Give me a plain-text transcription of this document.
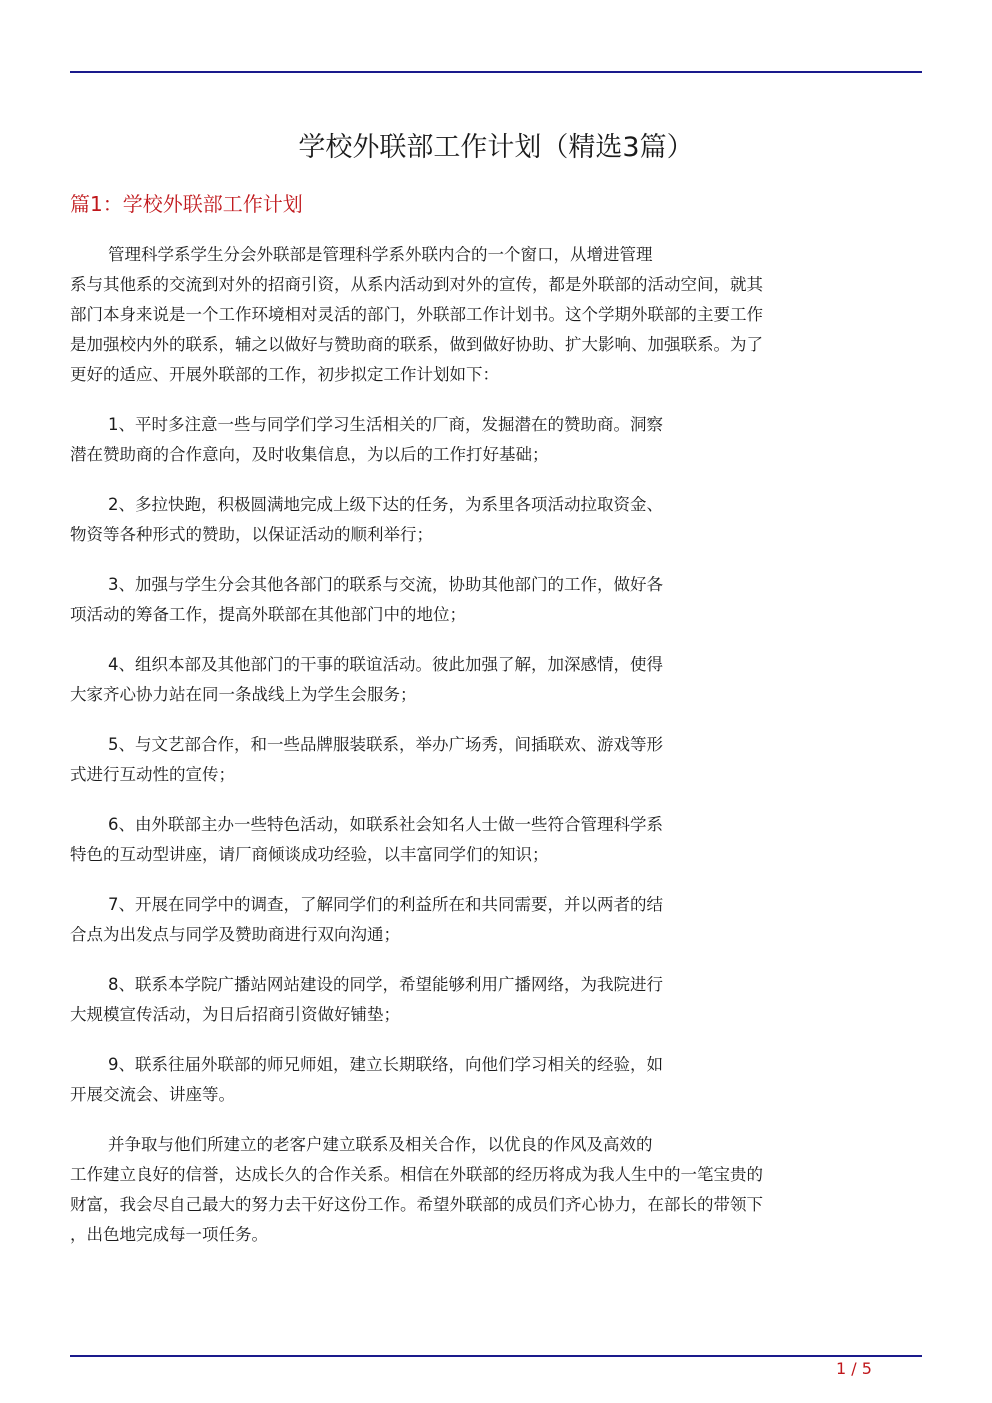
学校外联部工作计划（精选3篇）
篇1：学校外联部工作计划
管理科学系学生分会外联部是管理科学系外联内合的一个窗口，从增进管理
系与其他系的交流到对外的招商引资，从系内活动到对外的宣传，都是外联部的活动空间，就其
部门本身来说是一个工作环境相对灵活的部门，外联部工作计划书。这个学期外联部的主要工作
是加强校内外的联系，辅之以做好与赞助商的联系，做到做好协助、扩大影响、加强联系。为了
更好的适应、开展外联部的工作，初步拟定工作计划如下：
1、平时多注意一些与同学们学习生活相关的厂商，发掘潜在的赞助商。洞察
潜在赞助商的合作意向，及时收集信息，为以后的工作打好基础；
2、多拉快跑，积极圆满地完成上级下达的任务，为系里各项活动拉取资金、
物资等各种形式的赞助，以保证活动的顺利举行；
3、加强与学生分会其他各部门的联系与交流，协助其他部门的工作，做好各
项活动的筹备工作，提高外联部在其他部门中的地位；
4、组织本部及其他部门的干事的联谊活动。彼此加强了解，加深感情，使得
大家齐心协力站在同一条战线上为学生会服务；
5、与文艺部合作，和一些品牌服装联系，举办广场秀，间插联欢、游戏等形
式进行互动性的宣传；
6、由外联部主办一些特色活动，如联系社会知名人士做一些符合管理科学系
特色的互动型讲座，请厂商倾谈成功经验，以丰富同学们的知识；
7、开展在同学中的调查，了解同学们的利益所在和共同需要，并以两者的结
合点为出发点与同学及赞助商进行双向沟通；
8、联系本学院广播站网站建设的同学，希望能够利用广播网络，为我院进行
大规模宣传活动，为日后招商引资做好铺垫；
9、联系往届外联部的师兄师姐，建立长期联络，向他们学习相关的经验，如
开展交流会、讲座等。
并争取与他们所建立的老客户建立联系及相关合作，以优良的作风及高效的
工作建立良好的信誉，达成长久的合作关系。相信在外联部的经历将成为我人生中的一笔宝贵的
财富，我会尽自己最大的努力去干好这份工作。希望外联部的成员们齐心协力，在部长的带领下
，出色地完成每一项任务。
1 / 5
